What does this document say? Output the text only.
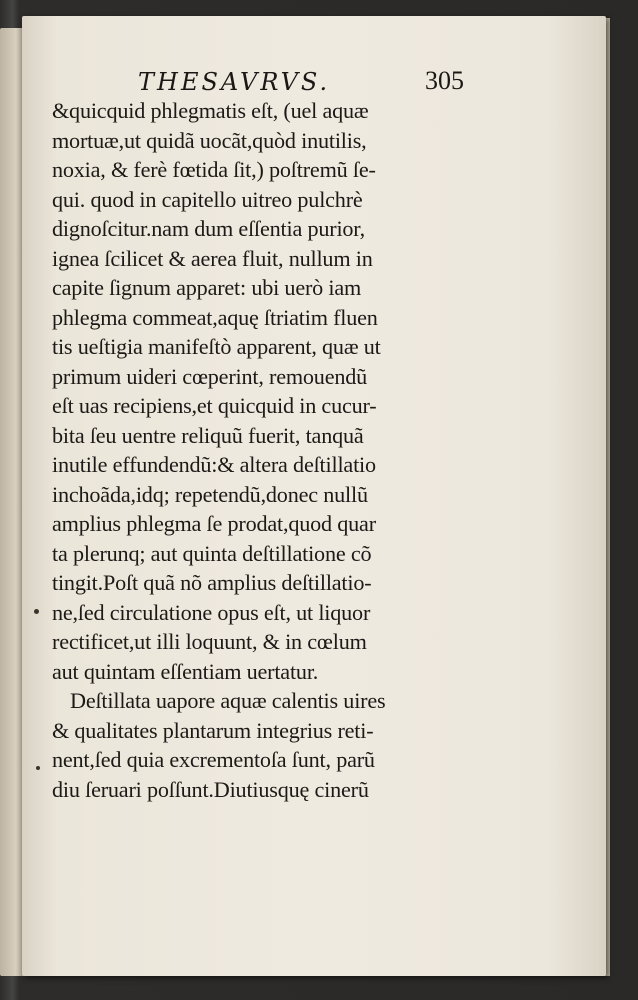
THESAVRVS.	305
&quicquid phlegmatis eſt, (uel aquæ
mortuæ,ut quidã uocãt,quòd inutilis,
noxia, & ferè fœtida ſit,) poſtremũ ſe-
qui. quod in capitello uitreo pulchrè
dignoſcitur.nam dum eſſentia purior,
ignea ſcilicet & aerea fluit, nullum in
capite ſignum apparet: ubi uerò iam
phlegma commeat,aquę ſtriatim fluen
tis ueſtigia manifeſtò apparent, quæ ut
primum uideri cœperint, remouendũ
eſt uas recipiens,et quicquid in cucur-
bita ſeu uentre reliquũ fuerit, tanquã
inutile effundendũ:& altera deſtillatio
inchoãda,idq; repetendũ,donec nullũ
amplius phlegma ſe prodat,quod quar
ta plerunq; aut quinta deſtillatione cõ
tingit.Poſt quã nõ amplius deſtillatio-
ne,ſed circulatione opus eſt, ut liquor
rectificet,ut illi loquunt, & in cœlum
aut quintam eſſentiam uertatur.
Deſtillata uapore aquæ calentis uires
& qualitates plantarum integrius reti-
nent,ſed quia excrementoſa ſunt, parũ
diu ſeruari poſſunt.Diutiusquę cinerũ
